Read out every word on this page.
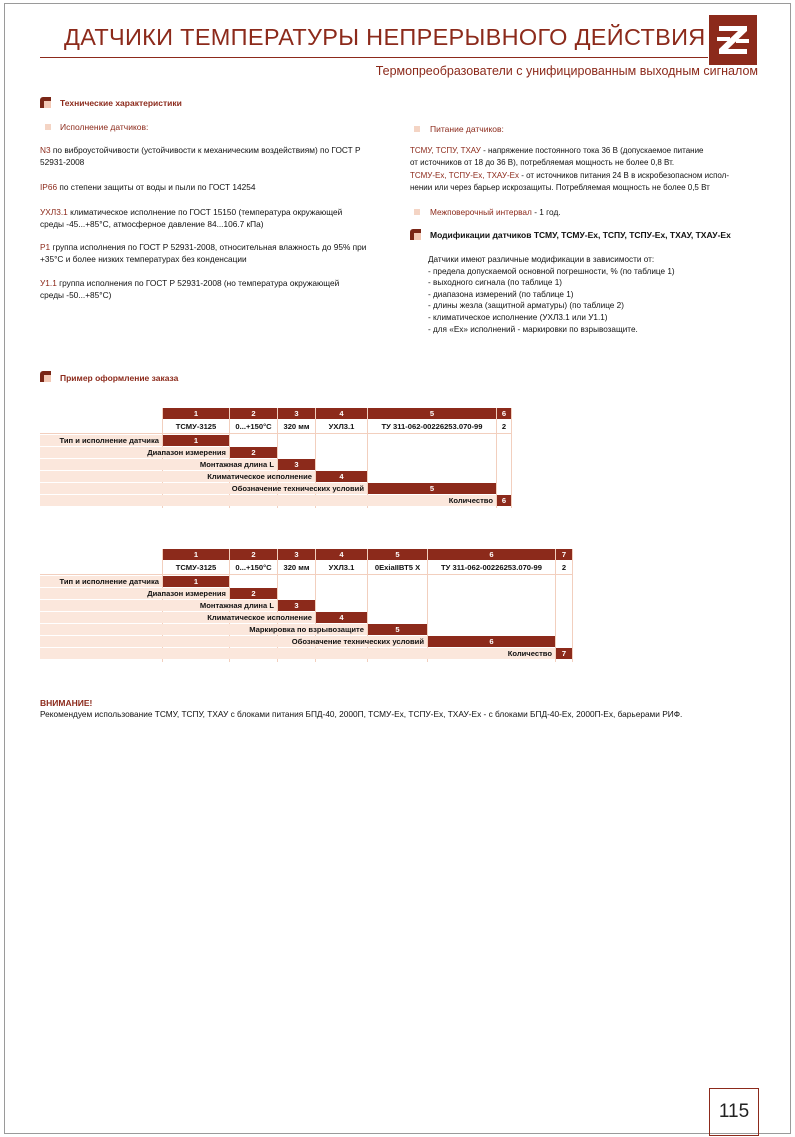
ДАТЧИКИ ТЕМПЕРАТУРЫ НЕПРЕРЫВНОГО ДЕЙСТВИЯ
Термопреобразователи с унифицированным выходным сигналом
Технические характеристики
Исполнение датчиков:
N3 по виброустойчивости (устойчивости к механическим воздействиям) по ГОСТ Р
52931-2008
IP66 по степени защиты от воды и пыли по ГОСТ 14254
УХЛ3.1 климатическое исполнение по ГОСТ 15150 (температура окружающей
среды -45...+85°С, атмосферное давление 84...106.7 кПа)
Р1 группа исполнения по ГОСТ Р 52931-2008, относительная влажность до 95% при
+35°С и более низких температурах без конденсации
У1.1 группа исполнения по ГОСТ Р 52931-2008 (но температура окружающей
среды -50...+85°С)
Питание датчиков:
ТСМУ, ТСПУ, ТХАУ - напряжение постоянного тока 36 В (допускаемое питание
от источников от 18 до 36 В), потребляемая мощность не более 0,8 Вт.
ТСМУ-Ех, ТСПУ-Ех, ТХАУ-Ех - от источников питания 24 В в искробезопасном испол-
нении или через барьер искрозащиты. Потребляемая мощность не более 0,5 Вт
Межповерочный интервал - 1 год.
Модификации датчиков ТСМУ, ТСМУ-Ех, ТСПУ, ТСПУ-Ех, ТХАУ, ТХАУ-Ех
Датчики имеют различные модификации в зависимости от:
- предела допускаемой основной погрешности, % (по таблице 1)
- выходного сигнала (по таблице 1)
- диапазона измерений (по таблице 1)
- длины жезла (защитной арматуры) (по таблице 2)
- климатическое исполнение (УХЛ3.1 или У1.1)
- для «Ех» исполнений - маркировки по взрывозащите.
Пример оформление заказа
1	2	3	4	5	6
ТСМУ-3125	0...+150°С	320 мм	УХЛ3.1	ТУ 311-062-00226253.070-99	2
Тип и исполнение датчика	1
Диапазон измерения	2
Монтажная длина L	3
Климатическое исполнение	4
Обозначение технических условий	5
Количество	6
1	2	3	4	5	6	7
ТСМУ-3125	0...+150°С	320 мм	УХЛ3.1	0ЕхiaIIВТ5 Х	ТУ 311-062-00226253.070-99	2
Тип и исполнение датчика	1
Диапазон измерения	2
Монтажная длина L	3
Климатическое исполнение	4
Маркировка по взрывозащите	5
Обозначение технических условий	6
Количество	7
ВНИМАНИЕ!
Рекомендуем использование ТСМУ, ТСПУ, ТХАУ с блоками питания БПД-40, 2000П, ТСМУ-Ех, ТСПУ-Ех, ТХАУ-Ех - с блоками БПД-40-Ех, 2000П-Ех, барьерами РИФ.
115
